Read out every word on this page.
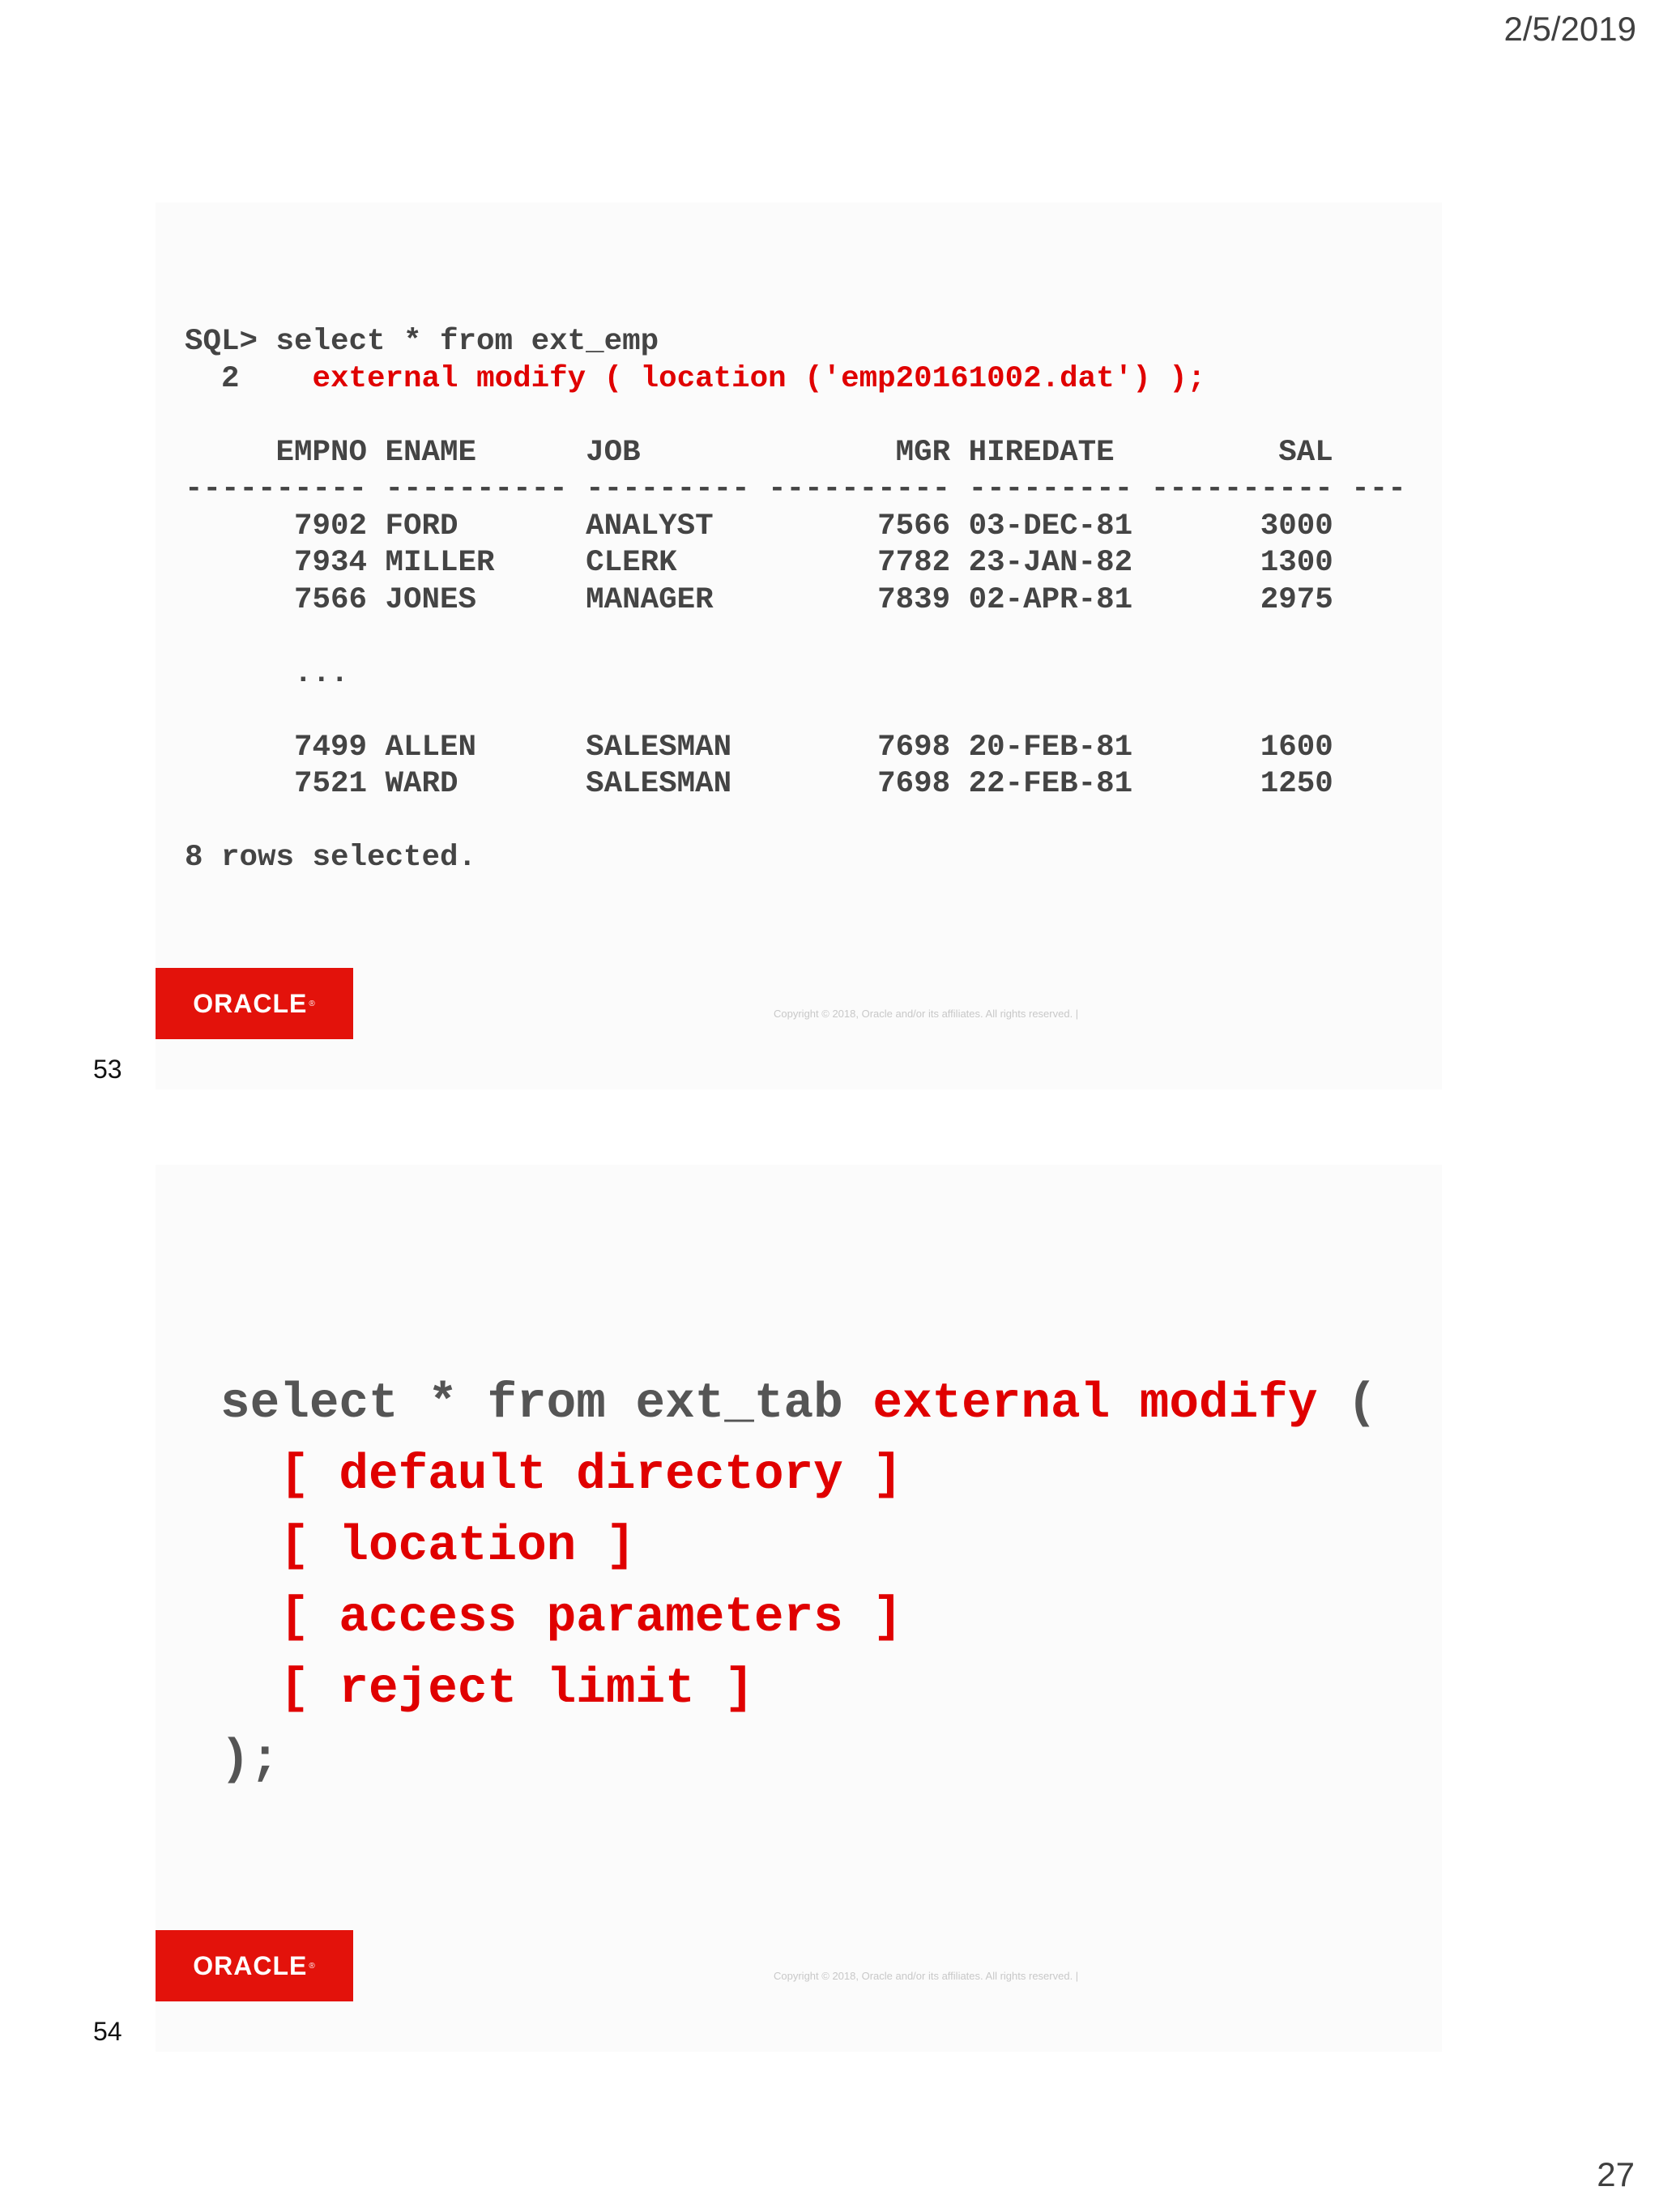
2/5/2019
SQL> select * from ext_emp
2    external modify ( location ('emp20161002.dat') );
EMPNO ENAME      JOB              MGR HIREDATE         SAL
---------- ---------- --------- ---------- --------- ---------- ---
7902 FORD       ANALYST         7566 03-DEC-81       3000
7934 MILLER     CLERK           7782 23-JAN-82       1300
7566 JONES      MANAGER         7839 02-APR-81       2975
...
7499 ALLEN      SALESMAN        7698 20-FEB-81       1600
7521 WARD       SALESMAN        7698 22-FEB-81       1250
8 rows selected.
ORACLE ®
Copyright © 2018, Oracle and/or its affiliates. All rights reserved. |
53
select * from ext_tab external modify (
[ default directory ]
[ location ]
[ access parameters ]
[ reject limit ]
);
ORACLE ®
Copyright © 2018, Oracle and/or its affiliates. All rights reserved. |
54
27
